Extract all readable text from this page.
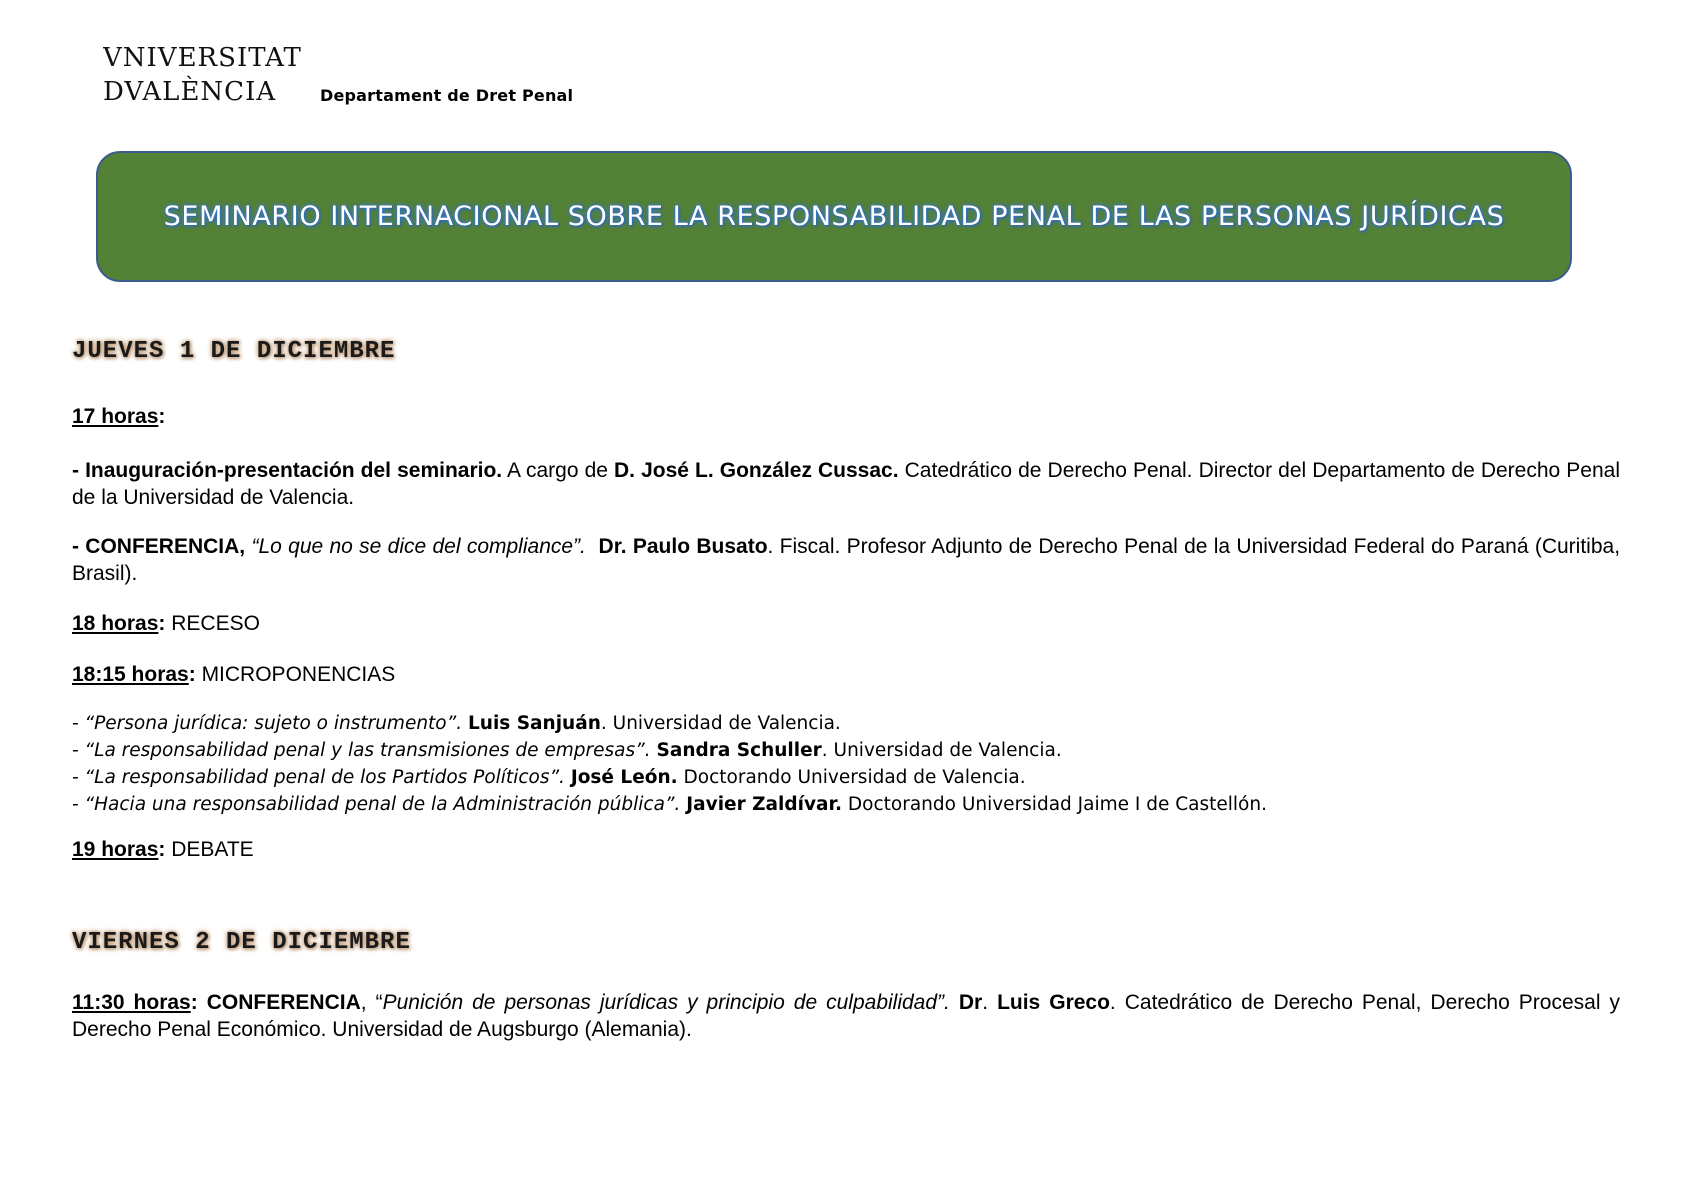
VNIVERSITAT
DVALÈNCIA	Departament de Dret Penal
SEMINARIO INTERNACIONAL SOBRE LA RESPONSABILIDAD PENAL DE LAS PERSONAS JURÍDICAS
JUEVES 1 DE DICIEMBRE
17 horas:
- Inauguración-presentación del seminario. A cargo de D. José L. González Cussac. Catedrático de Derecho Penal. Director del Departamento de Derecho Penal de la Universidad de Valencia.
- CONFERENCIA, “Lo que no se dice del compliance”. Dr. Paulo Busato. Fiscal. Profesor Adjunto de Derecho Penal de la Universidad Federal do Paraná (Curitiba, Brasil).
18 horas: RECESO
18:15 horas: MICROPONENCIAS
- “Persona jurídica: sujeto o instrumento”. Luis Sanjuán. Universidad de Valencia.
- “La responsabilidad penal y las transmisiones de empresas”. Sandra Schuller. Universidad de Valencia.
- “La responsabilidad penal de los Partidos Políticos”. José León. Doctorando Universidad de Valencia.
- “Hacia una responsabilidad penal de la Administración pública”. Javier Zaldívar. Doctorando Universidad Jaime I de Castellón.
19 horas: DEBATE
VIERNES 2 DE DICIEMBRE
11:30 horas: CONFERENCIA, “Punición de personas jurídicas y principio de culpabilidad”. Dr. Luis Greco. Catedrático de Derecho Penal, Derecho Procesal y Derecho Penal Económico. Universidad de Augsburgo (Alemania).
